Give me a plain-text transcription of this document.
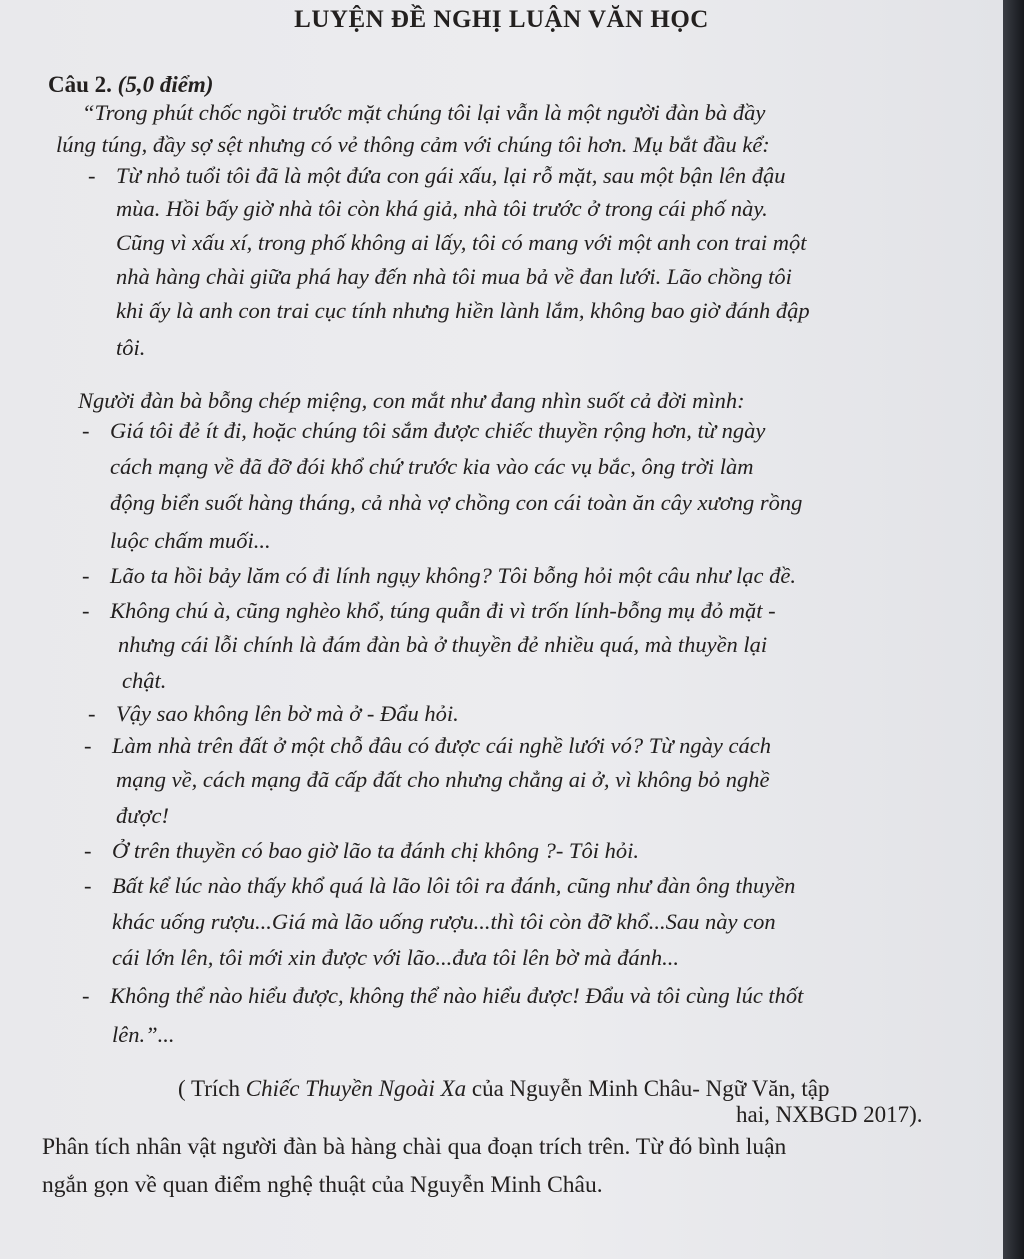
LUYỆN ĐỀ NGHỊ LUẬN VĂN HỌC
Câu 2. (5,0 điểm)
“Trong phút chốc ngồi trước mặt chúng tôi lại vẫn là một người đàn bà đầy
lúng túng, đầy sợ sệt nhưng có vẻ thông cảm với chúng tôi hơn. Mụ bắt đầu kể:
- Từ nhỏ tuổi tôi đã là một đứa con gái xấu, lại rỗ mặt, sau một bận lên đậu
mùa. Hồi bấy giờ nhà tôi còn khá giả, nhà tôi trước ở trong cái phố này.
Cũng vì xấu xí, trong phố không ai lấy, tôi có mang với một anh con trai một
nhà hàng chài giữa phá hay đến nhà tôi mua bả về đan lưới. Lão chồng tôi
khi ấy là anh con trai cục tính nhưng hiền lành lắm, không bao giờ đánh đập
tôi.
Người đàn bà bỗng chép miệng, con mắt như đang nhìn suốt cả đời mình:
- Giá tôi đẻ ít đi, hoặc chúng tôi sắm được chiếc thuyền rộng hơn, từ ngày
cách mạng về đã đỡ đói khổ chứ trước kia vào các vụ bắc, ông trời làm
động biển suốt hàng tháng, cả nhà vợ chồng con cái toàn ăn cây xương rồng
luộc chấm muối...
- Lão ta hồi bảy lăm có đi lính ngụy không? Tôi bỗng hỏi một câu như lạc đề.
- Không chú à, cũng nghèo khổ, túng quẫn đi vì trốn lính-bỗng mụ đỏ mặt -
nhưng cái lỗi chính là đám đàn bà ở thuyền đẻ nhiều quá, mà thuyền lại
chật.
- Vậy sao không lên bờ mà ở - Đẩu hỏi.
- Làm nhà trên đất ở một chỗ đâu có được cái nghề lưới vó? Từ ngày cách
mạng về, cách mạng đã cấp đất cho nhưng chẳng ai ở, vì không bỏ nghề
được!
- Ở trên thuyền có bao giờ lão ta đánh chị không ?- Tôi hỏi.
- Bất kể lúc nào thấy khổ quá là lão lôi tôi ra đánh, cũng như đàn ông thuyền
khác uống rượu...Giá mà lão uống rượu...thì tôi còn đỡ khổ...Sau này con
cái lớn lên, tôi mới xin được với lão...đưa tôi lên bờ mà đánh...
- Không thể nào hiểu được, không thể nào hiểu được! Đẩu và tôi cùng lúc thốt
lên.”...
( Trích Chiếc Thuyền Ngoài Xa của Nguyễn Minh Châu- Ngữ Văn, tập
hai, NXBGD 2017).
Phân tích nhân vật người đàn bà hàng chài qua đoạn trích trên. Từ đó bình luận
ngắn gọn về quan điểm nghệ thuật của Nguyễn Minh Châu.
